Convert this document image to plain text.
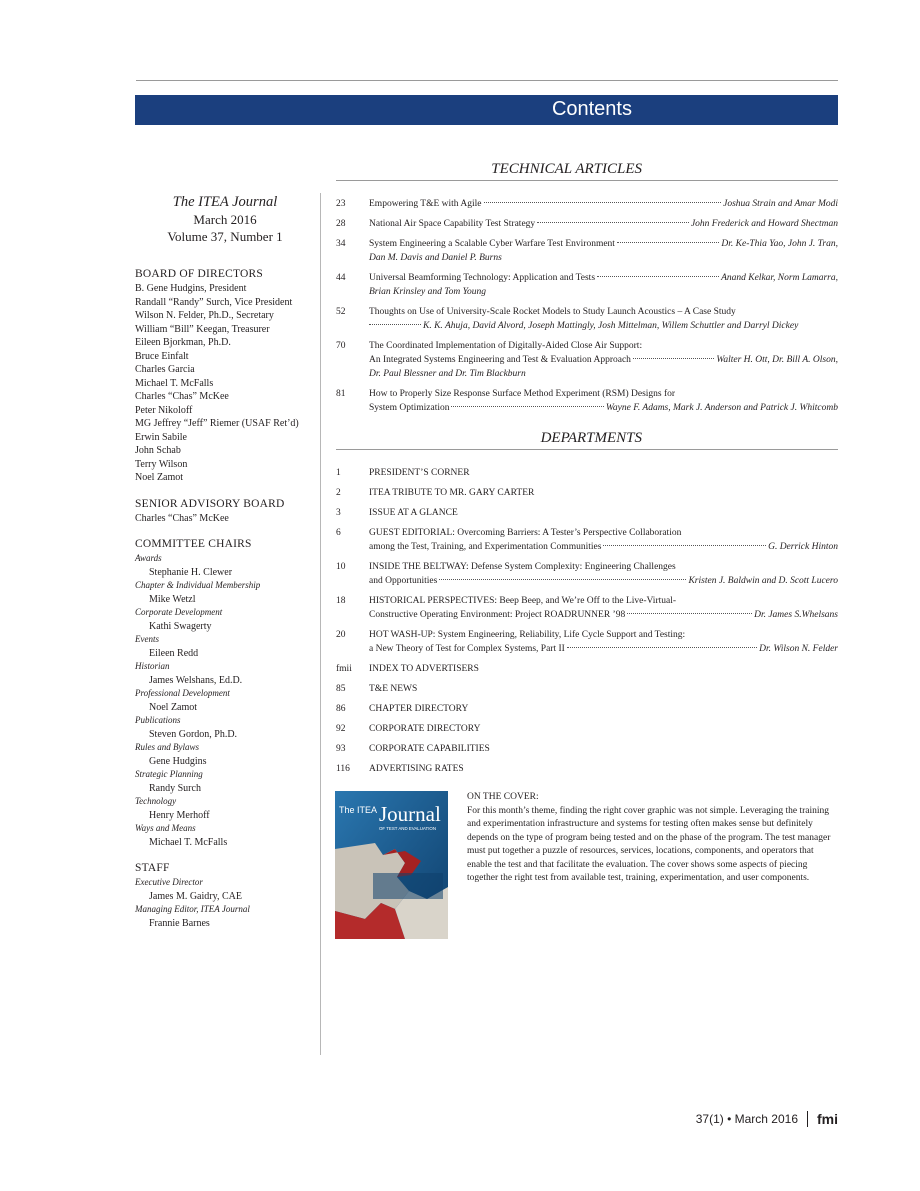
Contents
The ITEA Journal
March 2016
Volume 37, Number 1
BOARD OF DIRECTORS
B. Gene Hudgins, President
Randall “Randy” Surch, Vice President
Wilson N. Felder, Ph.D., Secretary
William “Bill” Keegan, Treasurer
Eileen Bjorkman, Ph.D.
Bruce Einfalt
Charles Garcia
Michael T. McFalls
Charles “Chas” McKee
Peter Nikoloff
MG Jeffrey “Jeff” Riemer (USAF Ret’d)
Erwin Sabile
John Schab
Terry Wilson
Noel Zamot
SENIOR ADVISORY BOARD
Charles “Chas” McKee
COMMITTEE CHAIRS
Awards
Stephanie H. Clewer
Chapter & Individual Membership
Mike Wetzl
Corporate Development
Kathi Swagerty
Events
Eileen Redd
Historian
James Welshans, Ed.D.
Professional Development
Noel Zamot
Publications
Steven Gordon, Ph.D.
Rules and Bylaws
Gene Hudgins
Strategic Planning
Randy Surch
Technology
Henry Merhoff
Ways and Means
Michael T. McFalls
STAFF
Executive Director
James M. Gaidry, CAE
Managing Editor, ITEA Journal
Frannie Barnes
TECHNICAL ARTICLES
23	Empowering T&E with Agile	Joshua Strain and Amar Modi
28	National Air Space Capability Test Strategy	John Frederick and Howard Shectman
34	System Engineering a Scalable Cyber Warfare Test Environment	Dr. Ke-Thia Yao, John J. Tran,
Dan M. Davis and Daniel P. Burns
44	Universal Beamforming Technology: Application and Tests	Anand Kelkar, Norm Lamarra,
Brian Krinsley and Tom Young
52	Thoughts on Use of University-Scale Rocket Models to Study Launch Acoustics – A Case Study
K. K. Ahuja, David Alvord, Joseph Mattingly, Josh Mittelman, Willem Schuttler and Darryl Dickey
70	The Coordinated Implementation of Digitally-Aided Close Air Support:
An Integrated Systems Engineering and Test & Evaluation Approach	Walter H. Ott, Dr. Bill A. Olson,
Dr. Paul Blessner and Dr. Tim Blackburn
81	How to Properly Size Response Surface Method Experiment (RSM) Designs for
System Optimization	Wayne F. Adams, Mark J. Anderson and Patrick J. Whitcomb
DEPARTMENTS
1	PRESIDENT’S CORNER
2	ITEA TRIBUTE TO MR. GARY CARTER
3	ISSUE AT A GLANCE
6	GUEST EDITORIAL: Overcoming Barriers: A Tester’s Perspective Collaboration
among the Test, Training, and Experimentation Communities	G. Derrick Hinton
10	INSIDE THE BELTWAY: Defense System Complexity: Engineering Challenges
and Opportunities	Kristen J. Baldwin and D. Scott Lucero
18	HISTORICAL PERSPECTIVES: Beep Beep, and We’re Off to the Live-Virtual-
Constructive Operating Environment: Project ROADRUNNER ’98	Dr. James S.Whelsans
20	HOT WASH-UP: System Engineering, Reliability, Life Cycle Support and Testing:
a New Theory of Test for Complex Systems, Part II	Dr. Wilson N. Felder
fmii	INDEX TO ADVERTISERS
85	T&E NEWS
86	CHAPTER DIRECTORY
92	CORPORATE DIRECTORY
93	CORPORATE CAPABILITIES
116	ADVERTISING RATES
The ITEA Journal
OF TEST AND EVALUATION
ON THE COVER:
For this month’s theme, finding the right cover graphic was not simple. Leveraging the training and experimentation infrastructure and systems for testing often makes sense but definitely depends on the type of program being tested and on the phase of the program. The test manager must put together a puzzle of resources, services, locations, components, and operators that enable the test and that facilitate the evaluation. The cover shows some aspects of piecing together the right test from available test, training, experimentation, and user components.
37(1) • March 2016 fmi
